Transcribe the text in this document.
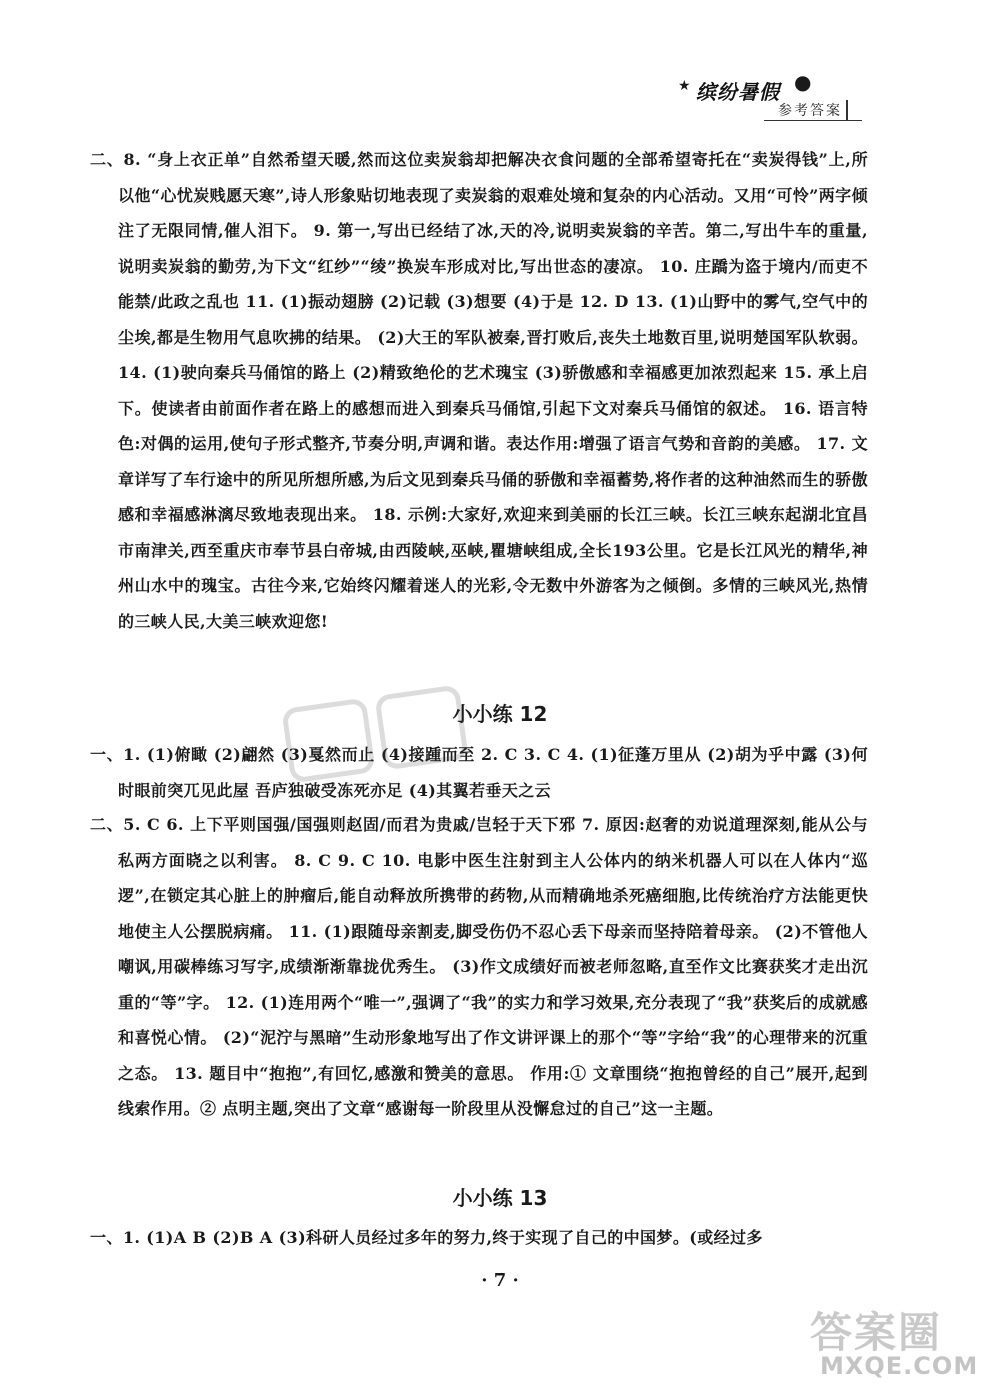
★ 缤纷暑假 ●
参考答案
二、8. “身上衣正单”自然希望天暖,然而这位卖炭翁却把解决衣食问题的全部希望寄托在“卖炭得钱”上,所以他“心忧炭贱愿天寒”,诗人形象贴切地表现了卖炭翁的艰难处境和复杂的内心活动。又用“可怜”两字倾注了无限同情,催人泪下。 9. 第一,写出已经结了冰,天的冷,说明卖炭翁的辛苦。第二,写出牛车的重量,说明卖炭翁的勤劳,为下文“红纱”“绫”换炭车形成对比,写出世态的凄凉。 10. 庄蹻为盗于境内/而吏不能禁/此政之乱也 11. (1)振动翅膀 (2)记载 (3)想要 (4)于是 12. D 13. (1)山野中的雾气,空气中的尘埃,都是生物用气息吹拂的结果。 (2)大王的军队被秦,晋打败后,丧失土地数百里,说明楚国军队软弱。 14. (1)驶向秦兵马俑馆的路上 (2)精致绝伦的艺术瑰宝 (3)骄傲感和幸福感更加浓烈起来 15. 承上启下。使读者由前面作者在路上的感想而进入到秦兵马俑馆,引起下文对秦兵马俑馆的叙述。 16. 语言特色:对偶的运用,使句子形式整齐,节奏分明,声调和谐。表达作用:增强了语言气势和音韵的美感。 17. 文章详写了车行途中的所见所想所感,为后文见到秦兵马俑的骄傲和幸福蓄势,将作者的这种油然而生的骄傲感和幸福感淋漓尽致地表现出来。 18. 示例:大家好,欢迎来到美丽的长江三峡。长江三峡东起湖北宜昌市南津关,西至重庆市奉节县白帝城,由西陵峡,巫峡,瞿塘峡组成,全长193公里。它是长江风光的精华,神州山水中的瑰宝。古往今来,它始终闪耀着迷人的光彩,令无数中外游客为之倾倒。多情的三峡风光,热情的三峡人民,大美三峡欢迎您!
小小练 12
一、1. (1)俯瞰 (2)翩然 (3)戛然而止 (4)接踵而至 2. C 3. C 4. (1)征蓬万里从 (2)胡为乎中露 (3)何时眼前突兀见此屋 吾庐独破受冻死亦足 (4)其翼若垂天之云
二、5. C 6. 上下平则国强/国强则赵固/而君为贵戚/岂轻于天下邪 7. 原因:赵奢的劝说道理深刻,能从公与私两方面晓之以利害。 8. C 9. C 10. 电影中医生注射到主人公体内的纳米机器人可以在人体内“巡逻”,在锁定其心脏上的肿瘤后,能自动释放所携带的药物,从而精确地杀死癌细胞,比传统治疗方法能更快地使主人公摆脱病痛。 11. (1)跟随母亲割麦,脚受伤仍不忍心丢下母亲而坚持陪着母亲。 (2)不管他人嘲讽,用碳棒练习写字,成绩渐渐靠拢优秀生。 (3)作文成绩好而被老师忽略,直至作文比赛获奖才走出沉重的“等”字。 12. (1)连用两个“唯一”,强调了“我”的实力和学习效果,充分表现了“我”获奖后的成就感和喜悦心情。 (2)“泥泞与黑暗”生动形象地写出了作文讲评课上的那个“等”字给“我”的心理带来的沉重之态。 13. 题目中“抱抱”,有回忆,感激和赞美的意思。 作用:① 文章围绕“抱抱曾经的自己”展开,起到线索作用。② 点明主题,突出了文章“感谢每一阶段里从没懈怠过的自己”这一主题。
小小练 13
一、1. (1)A B (2)B A (3)科研人员经过多年的努力,终于实现了自己的中国梦。(或经过多
· 7 ·
答案圈
MXQE.COM
